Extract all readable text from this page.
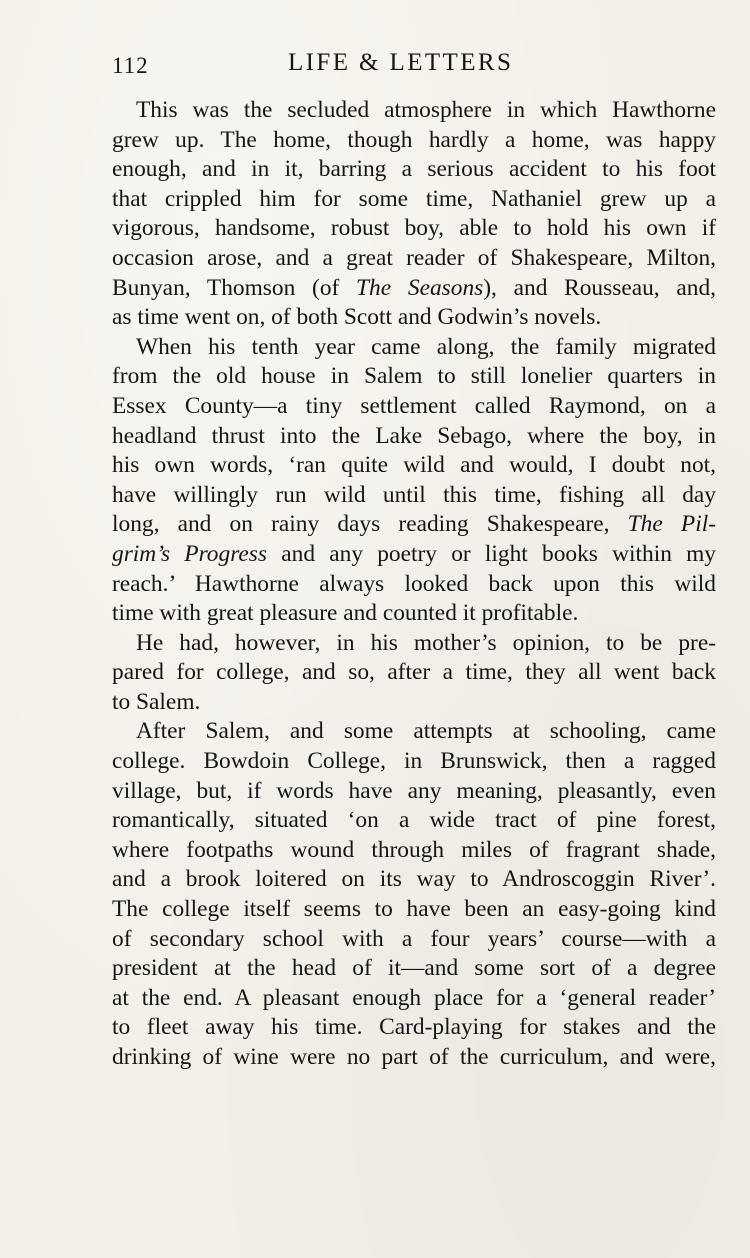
112	LIFE & LETTERS
This was the secluded atmosphere in which Hawthorne
grew up. The home, though hardly a home, was happy
enough, and in it, barring a serious accident to his foot
that crippled him for some time, Nathaniel grew up a
vigorous, handsome, robust boy, able to hold his own if
occasion arose, and a great reader of Shakespeare, Milton,
Bunyan, Thomson (of The Seasons), and Rousseau, and,
as time went on, of both Scott and Godwin’s novels.
When his tenth year came along, the family migrated
from the old house in Salem to still lonelier quarters in
Essex County—a tiny settlement called Raymond, on a
headland thrust into the Lake Sebago, where the boy, in
his own words, ‘ran quite wild and would, I doubt not,
have willingly run wild until this time, fishing all day
long, and on rainy days reading Shakespeare, The Pil-
grim’s Progress and any poetry or light books within my
reach.’ Hawthorne always looked back upon this wild
time with great pleasure and counted it profitable.
He had, however, in his mother’s opinion, to be pre-
pared for college, and so, after a time, they all went back
to Salem.
After Salem, and some attempts at schooling, came
college. Bowdoin College, in Brunswick, then a ragged
village, but, if words have any meaning, pleasantly, even
romantically, situated ‘on a wide tract of pine forest,
where footpaths wound through miles of fragrant shade,
and a brook loitered on its way to Androscoggin River’.
The college itself seems to have been an easy-going kind
of secondary school with a four years’ course—with a
president at the head of it—and some sort of a degree
at the end. A pleasant enough place for a ‘general reader’
to fleet away his time. Card-playing for stakes and the
drinking of wine were no part of the curriculum, and were,
